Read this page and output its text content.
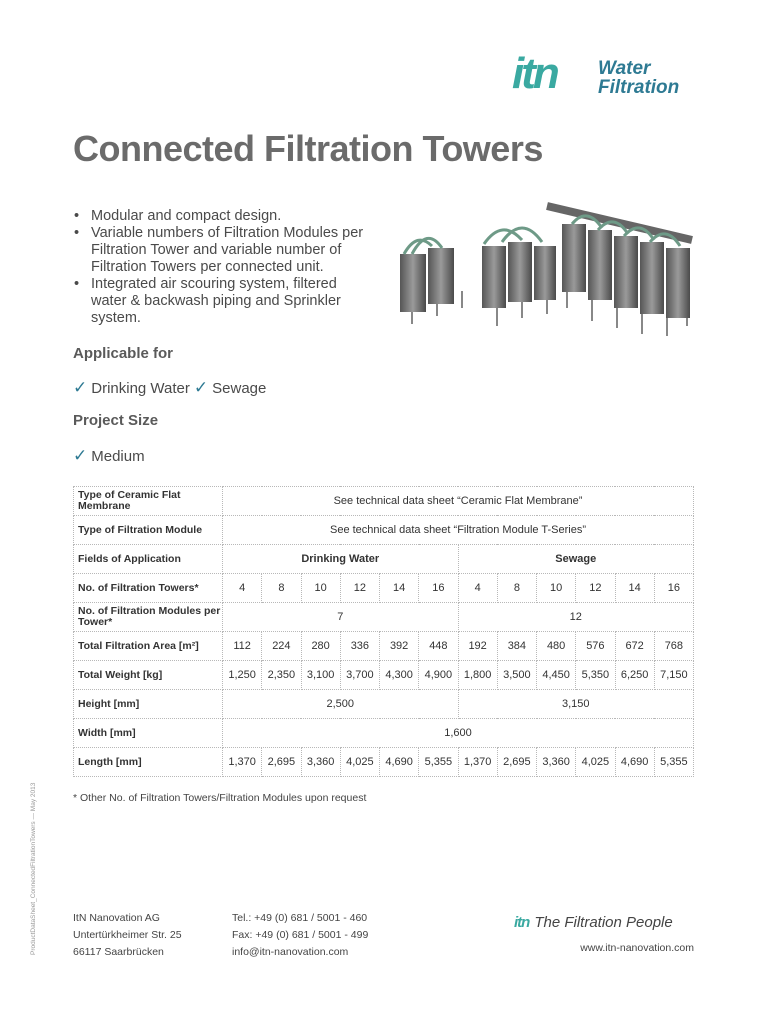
itn Water
Filtration
Connected Filtration Towers
• Modular and compact design.
• Variable numbers of Filtration Modules per Filtration Tower and variable number of Filtration Towers per connected unit.
• Integrated air scouring system, filtered water & backwash piping and Sprinkler system.
Applicable for
✓ Drinking Water ✓ Sewage
Project Size
✓ Medium
Type of Ceramic Flat Membrane	See technical data sheet “Ceramic Flat Membrane”											
Type of Filtration Module	See technical data sheet “Filtration Module T-Series”											
Fields of Application	Drinking Water						Sewage					
No. of Filtration Towers*	4	8	10	12	14	16	4	8	10	12	14	16
No. of Filtration Modules per Tower*	7						12					
Total Filtration Area [m²]	112	224	280	336	392	448	192	384	480	576	672	768
Total Weight [kg]	1,250	2,350	3,100	3,700	4,300	4,900	1,800	3,500	4,450	5,350	6,250	7,150
Height [mm]	2,500						3,150					
Width [mm]	1,600											
Length [mm]	1,370	2,695	3,360	4,025	4,690	5,355	1,370	2,695	3,360	4,025	4,690	5,355
* Other No. of Filtration Towers/Filtration Modules upon request
ProductDataSheet_ConnectedFiltrationTowers — May 2013	ItN Nanovation AG
Untertürkheimer Str. 25
66117 Saarbrücken
Tel.: +49 (0) 681 / 5001 - 460
Fax: +49 (0) 681 / 5001 - 499
info@itn-nanovation.com
itn The Filtration People
www.itn-nanovation.com
